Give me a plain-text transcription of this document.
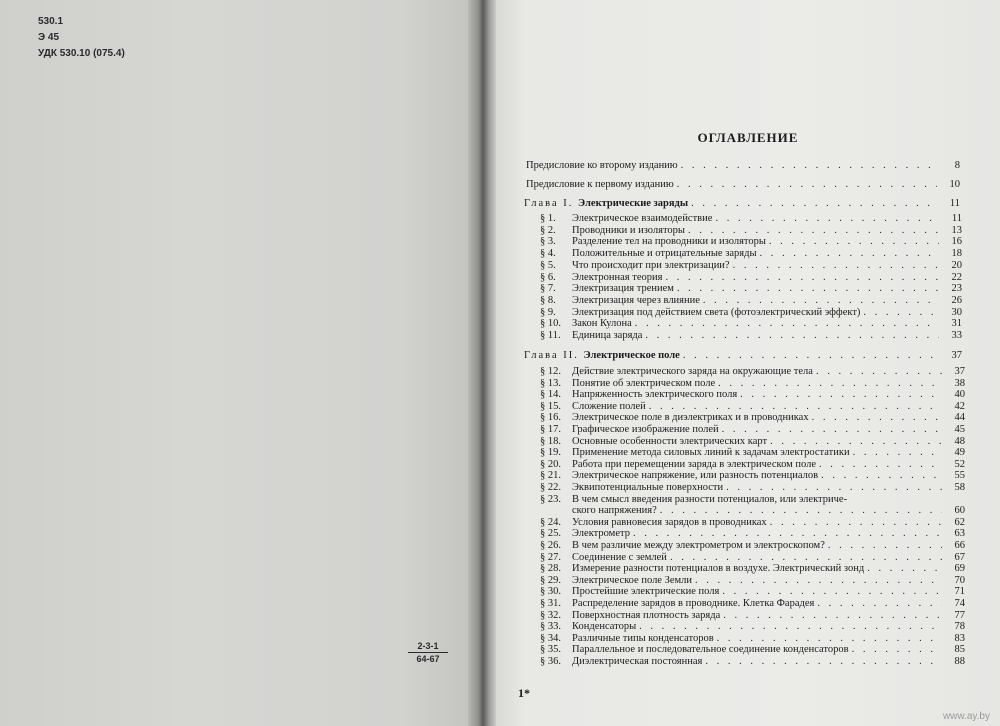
530.1
Э 45
УДК 530.10 (075.4)
2-3-1
64-67
ОГЛАВЛЕНИЕ
Предисловие ко второму изданию . . .	8
Предисловие к первому изданию . . .	10
Глава I. Электрические заряды . . .	11
§ 1. Электрическое взаимодействие . . .	11
§ 2. Проводники и изоляторы . . .	13
§ 3. Разделение тел на проводники и изоляторы . . .	16
§ 4. Положительные и отрицательные заряды . . .	18
§ 5. Что происходит при электризации? . . .	20
§ 6. Электронная теория . . .	22
§ 7. Электризация трением . . .	23
§ 8. Электризация через влияние . . .	26
§ 9. Электризация под действием света (фотоэлектрический эффект) . . .	30
§ 10. Закон Кулона . . .	31
§ 11. Единица заряда . . .	33
Глава II. Электрическое поле . . .	37
§ 12. Действие электрического заряда на окружающие тела . . .	37
§ 13. Понятие об электрическом поле . . .	38
§ 14. Напряженность электрического поля . . .	40
§ 15. Сложение полей . . .	42
§ 16. Электрическое поле в диэлектриках и в проводниках . . .	44
§ 17. Графическое изображение полей . . .	45
§ 18. Основные особенности электрических карт . . .	48
§ 19. Применение метода силовых линий к задачам электростатики . . .	49
§ 20. Работа при перемещении заряда в электрическом поле . . .	52
§ 21. Электрическое напряжение, или разность потенциалов . . .	55
§ 22. Эквипотенциальные поверхности . . .	58
§ 23. В чем смысл введения разности потенциалов, или электриче-
ского напряжения? . . .	60
§ 24. Условия равновесия зарядов в проводниках . . .	62
§ 25. Электрометр . . .	63
§ 26. В чем различие между электрометром и электроскопом? . . .	66
§ 27. Соединение с землей . . .	67
§ 28. Измерение разности потенциалов в воздухе. Электрический зонд . . .	69
§ 29. Электрическое поле Земли . . .	70
§ 30. Простейшие электрические поля . . .	71
§ 31. Распределение зарядов в проводнике. Клетка Фарадея . . .	74
§ 32. Поверхностная плотность заряда . . .	77
§ 33. Конденсаторы . . .	78
§ 34. Различные типы конденсаторов . . .	83
§ 35. Параллельное и последовательное соединение конденсаторов . . .	85
§ 36. Диэлектрическая постоянная . . .	88
1*
www.ay.by
